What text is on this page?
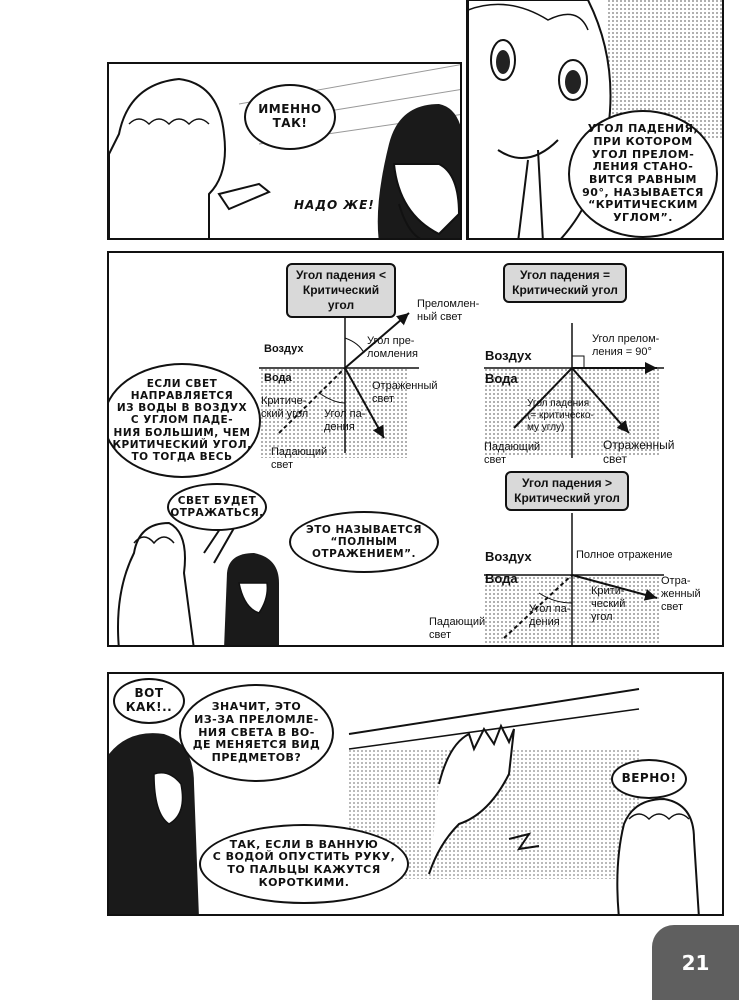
ИМЕННО
ТАК!
НАДО ЖЕ!
УГОЛ ПАДЕНИЯ,
ПРИ КОТОРОМ
УГОЛ ПРЕЛОМ-
ЛЕНИЯ СТАНО-
ВИТСЯ РАВНЫМ
90°, НАЗЫВАЕТСЯ
“КРИТИЧЕСКИМ
УГЛОМ”.
Угол падения <
Критический угол	Преломлен-
ный свет
Воздух
Угол пре-
ломления
Вода
Отраженный
свет
Критиче-
ский угол Угол па-
дения
Падающий
свет
Угол падения =
Критический угол
Угол прелом-
ления = 90°
Воздух
Вода
Угол падения
(= критическо-
му углу)
Падающий
свет
Отраженный
свет
Угол падения >
Критический угол
Воздух	Полное отражение
Вода
Крити-
ческий
угол
Отра-
женный
свет
Угол па-
дения
Падающий
свет
ЕСЛИ СВЕТ
НАПРАВЛЯЕТСЯ
ИЗ ВОДЫ В ВОЗДУХ
С УГЛОМ ПАДЕ-
НИЯ БОЛЬШИМ, ЧЕМ
КРИТИЧЕСКИЙ УГОЛ,
ТО ТОГДА ВЕСЬ
СВЕТ БУДЕТ
ОТРАЖАТЬСЯ.
ЭТО НАЗЫВАЕТСЯ
“ПОЛНЫМ
ОТРАЖЕНИЕМ”.
ВОТ
КАК!..	ЗНАЧИТ, ЭТО
ИЗ-ЗА ПРЕЛОМЛЕ-
НИЯ СВЕТА В ВО-
ДЕ МЕНЯЕТСЯ ВИД
ПРЕДМЕТОВ?
ВЕРНО!
ТАК, ЕСЛИ В ВАННУЮ
С ВОДОЙ ОПУСТИТЬ РУКУ,
ТО ПАЛЬЦЫ КАЖУТСЯ
КОРОТКИМИ.
21
